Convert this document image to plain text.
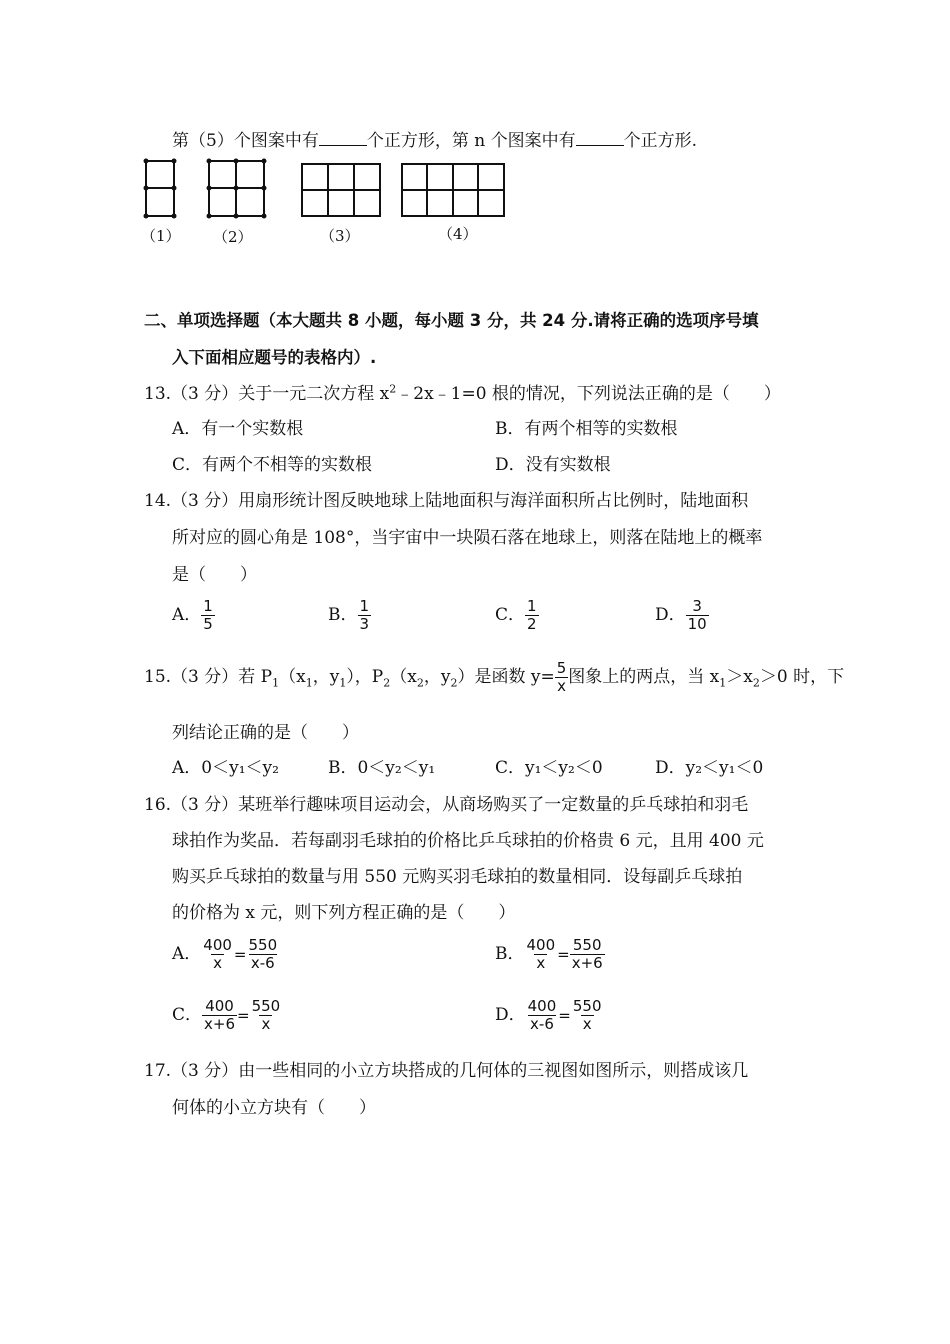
第（5）个图案中有	个正方形，第 n 个图案中有	个正方形.
（1） （2）	（3）	（4）
二、单项选择题（本大题共 8 小题，每小题 3 分，共 24 分.请将正确的选项序号填
入下面相应题号的表格内）.
13.（3 分）关于一元二次方程 $x^2﹣2x﹣1=0$ 根的情况，下列说法正确的是（　　）
A．有一个实数根	B．有两个相等的实数根
C．有两个不相等的实数根	D．没有实数根
14.（3 分）用扇形统计图反映地球上陆地面积与海洋面积所占比例时，陆地面积
所对应的圆心角是 108°，当宇宙中一块陨石落在地球上，则落在陆地上的概率
是（　　）
A． $\frac{1}{5}$	B． $\frac{1}{3}$	C． $\frac{1}{2}$	D． $\frac{3}{10}$
15.（3 分）若 $P_1(x_1$，$y_1$），$P_2(x_2$，$y_2$）是函数 $y= \frac{5}{x}$ 图象上的两点，当 $x_1>x_2>0$ 时，下
列结论正确的是（　　）
A．0＜y₁＜y₂	B．0＜y₂＜y₁	C．y₁＜y₂＜0	D．y₂＜y₁＜0
16.（3 分）某班举行趣味项目运动会，从商场购买了一定数量的乒乓球拍和羽毛
球拍作为奖品．若每副羽毛球拍的价格比乒乓球拍的价格贵 6 元，且用 400 元
购买乒乓球拍的数量与用 550 元购买羽毛球拍的数量相同．设每副乒乓球拍
的价格为 x 元，则下列方程正确的是（　　）
A． $\frac{400}{x} = \frac{550}{x-6}$	B． $\frac{400}{x} = \frac{550}{x+6}$
C． $\frac{400}{x+6} = \frac{550}{x}$	D． $\frac{400}{x-6} = \frac{550}{x}$
17.（3 分）由一些相同的小立方块搭成的几何体的三视图如图所示，则搭成该几
何体的小立方块有（　　）
